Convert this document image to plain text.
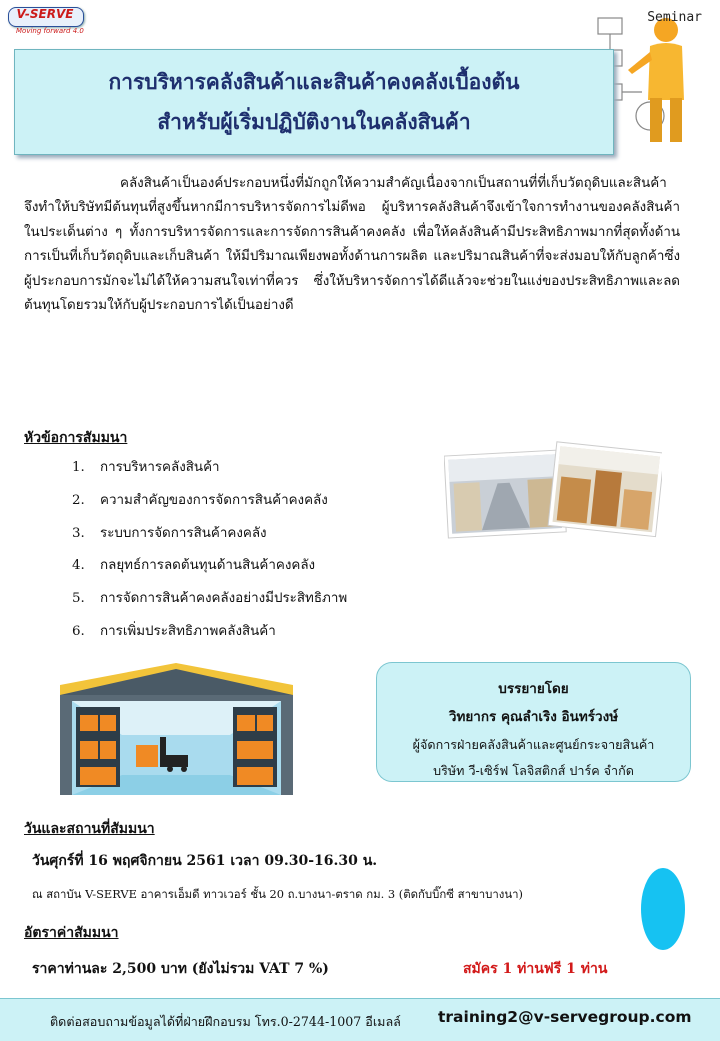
V-SERVE
Moving forward 4.0
Seminar
การบริหารคลังสินค้าและสินค้าคงคลังเบื้องต้น
สำหรับผู้เริ่มปฏิบัติงานในคลังสินค้า

คลังสินค้าเป็นองค์ประกอบหนึ่งที่มักถูกให้ความสำคัญเนื่องจากเป็นสถานที่ที่เก็บวัตถุดิบและสินค้า จึงทำให้บริษัทมีต้นทุนที่สูงขึ้นหากมีการบริหารจัดการไม่ดีพอ ผู้บริหารคลังสินค้าจึงเข้าใจการทำงานของคลังสินค้าในประเด็นต่าง ๆ ทั้งการบริหารจัดการและการจัดการสินค้าคงคลัง เพื่อให้คลังสินค้ามีประสิทธิภาพมากที่สุดทั้งด้านการเป็นที่เก็บวัตถุดิบและเก็บสินค้า ให้มีปริมาณเพียงพอทั้งด้านการผลิต และปริมาณสินค้าที่จะส่งมอบให้กับลูกค้าซึ่งผู้ประกอบการมักจะไม่ได้ให้ความสนใจเท่าที่ควร ซึ่งให้บริหารจัดการได้ดีแล้วจะช่วยในแง่ของประสิทธิภาพและลดต้นทุนโดยรวมให้กับผู้ประกอบการได้เป็นอย่างดี

หัวข้อการสัมมนา
1. การบริหารคลังสินค้า
2. ความสำคัญของการจัดการสินค้าคงคลัง
3. ระบบการจัดการสินค้าคงคลัง
4. กลยุทธ์การลดต้นทุนด้านสินค้าคงคลัง
5. การจัดการสินค้าคงคลังอย่างมีประสิทธิภาพ
6. การเพิ่มประสิทธิภาพคลังสินค้า
บรรยายโดย
วิทยากร คุณลำเริง อินทร์วงษ์
ผู้จัดการฝ่ายคลังสินค้าและศูนย์กระจายสินค้า
บริษัท วี-เซิร์ฟ โลจิสติกส์ ปาร์ค จำกัด
วันและสถานที่สัมมนา
วันศุกร์ที่ 16 พฤศจิกายน 2561 เวลา 09.30-16.30 น.
ณ สถาบัน V-SERVE อาคารเอ็มดี ทาวเวอร์ ชั้น 20 ถ.บางนา-ตราด กม. 3 (ติดกับบิ๊กซี สาขาบางนา)
อัตราค่าสัมมนา
ราคาท่านละ 2,500 บาท (ยังไม่รวม VAT 7 %)	สมัคร 1 ท่านฟรี 1 ท่าน
ติดต่อสอบถามข้อมูลได้ที่ฝ่ายฝึกอบรม โทร.0-2744-1007 อีเมลล์ training2@v-servegroup.com
